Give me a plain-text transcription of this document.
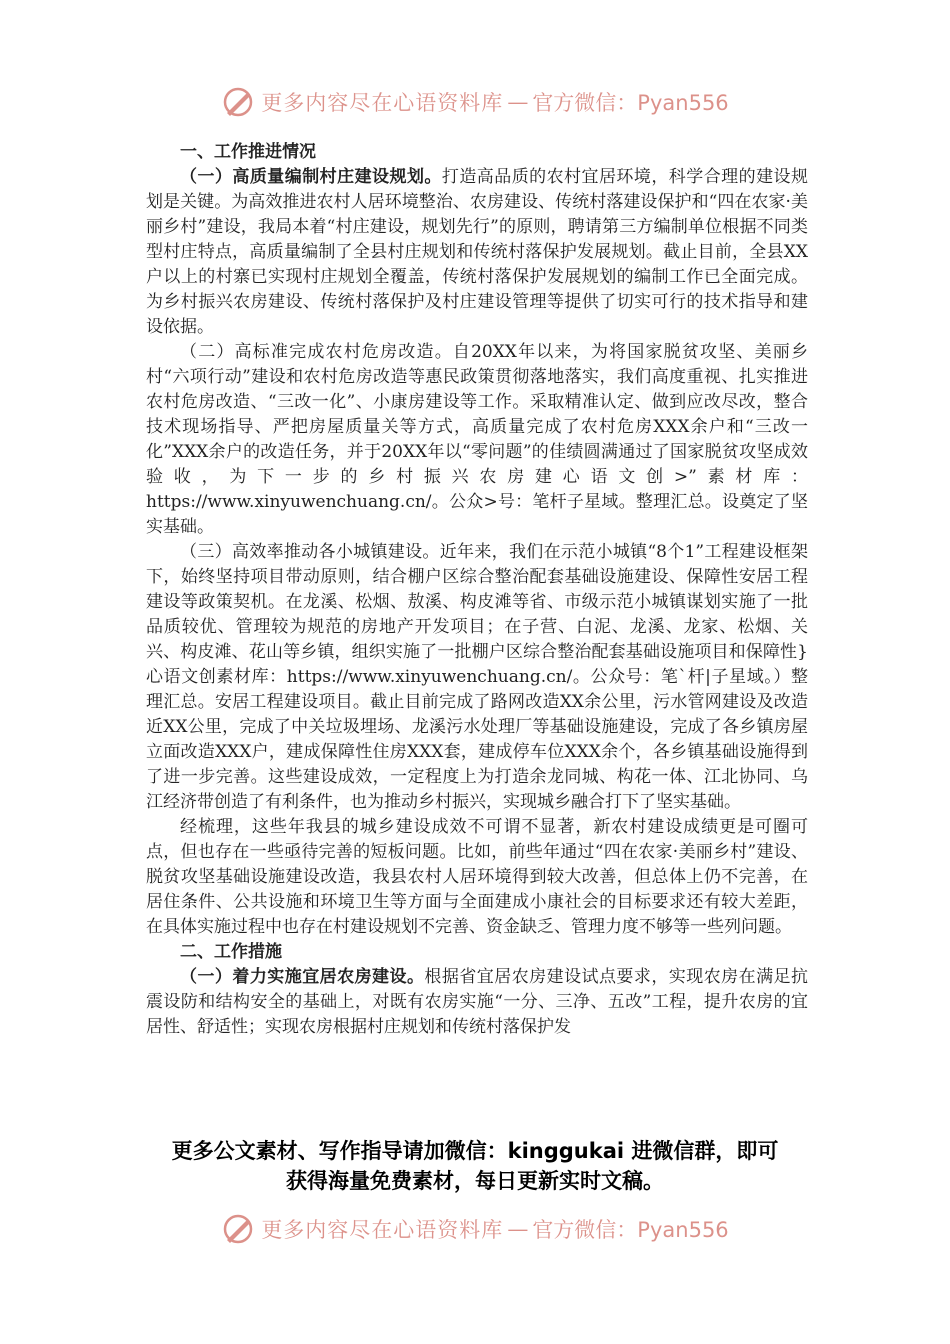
更多内容尽在心语资料库 — 官方微信：Pyan556
一、工作推进情况

（一）高质量编制村庄建设规划。打造高品质的农村宜居环境，科学合理的建设规划是关键。为高效推进农村人居环境整治、农房建设、传统村落建设保护和“四在农家·美丽乡村”建设，我局本着“村庄建设，规划先行”的原则，聘请第三方编制单位根据不同类型村庄特点，高质量编制了全县村庄规划和传统村落保护发展规划。截止目前，全县XX户以上的村寨已实现村庄规划全覆盖，传统村落保护发展规划的编制工作已全面完成。为乡村振兴农房建设、传统村落保护及村庄建设管理等提供了切实可行的技术指导和建设依据。

（二）高标准完成农村危房改造。自20XX年以来，为将国家脱贫攻坚、美丽乡村“六项行动”建设和农村危房改造等惠民政策贯彻落地落实，我们高度重视、扎实推进农村危房改造、“三改一化”、小康房建设等工作。采取精准认定、做到应改尽改，整合技术现场指导、严把房屋质量关等方式，高质量完成了农村危房XXX余户和“三改一化”XXX余户的改造任务，并于20XX年以“零问题”的佳绩圆满通过了国家脱贫攻坚成效验收，为下一步的乡村振兴农房建心语文创>”素材库：https://www.xinyuwenchuang.cn/。公众>号：笔杆子星域。整理汇总。设奠定了坚实基础。

（三）高效率推动各小城镇建设。近年来，我们在示范小城镇“8个1”工程建设框架下，始终坚持项目带动原则，结合棚户区综合整治配套基础设施建设、保障性安居工程建设等政策契机。在龙溪、松烟、敖溪、构皮滩等省、市级示范小城镇谋划实施了一批品质较优、管理较为规范的房地产开发项目；在子营、白泥、龙溪、龙家、松烟、关兴、构皮滩、花山等乡镇，组织实施了一批棚户区综合整治配套基础设施项目和保障性}心语文创素材库：https://www.xinyuwenchuang.cn/。公众号：笔`杆|子星域。）整理汇总。安居工程建设项目。截止目前完成了路网改造XX余公里，污水管网建设及改造近XX公里，完成了中关垃圾埋场、龙溪污水处理厂等基础设施建设，完成了各乡镇房屋立面改造XXX户，建成保障性住房XXX套，建成停车位XXX余个，各乡镇基础设施得到了进一步完善。这些建设成效，一定程度上为打造余龙同城、构花一体、江北协同、乌江经济带创造了有利条件，也为推动乡村振兴，实现城乡融合打下了坚实基础。

经梳理，这些年我县的城乡建设成效不可谓不显著，新农村建设成绩更是可圈可点，但也存在一些亟待完善的短板问题。比如，前些年通过“四在农家·美丽乡村”建设、脱贫攻坚基础设施建设改造，我县农村人居环境得到较大改善，但总体上仍不完善，在居住条件、公共设施和环境卫生等方面与全面建成小康社会的目标要求还有较大差距，在具体实施过程中也存在村建设规划不完善、资金缺乏、管理力度不够等一些列问题。

二、工作措施

（一）着力实施宜居农房建设。根据省宜居农房建设试点要求，实现农房在满足抗震设防和结构安全的基础上，对既有农房实施“一分、三净、五改”工程，提升农房的宜居性、舒适性；实现农房根据村庄规划和传统村落保护发

更多公文素材、写作指导请加微信：kinggukai 进微信群，即可
获得海量免费素材，每日更新实时文稿。
更多内容尽在心语资料库 — 官方微信：Pyan556
